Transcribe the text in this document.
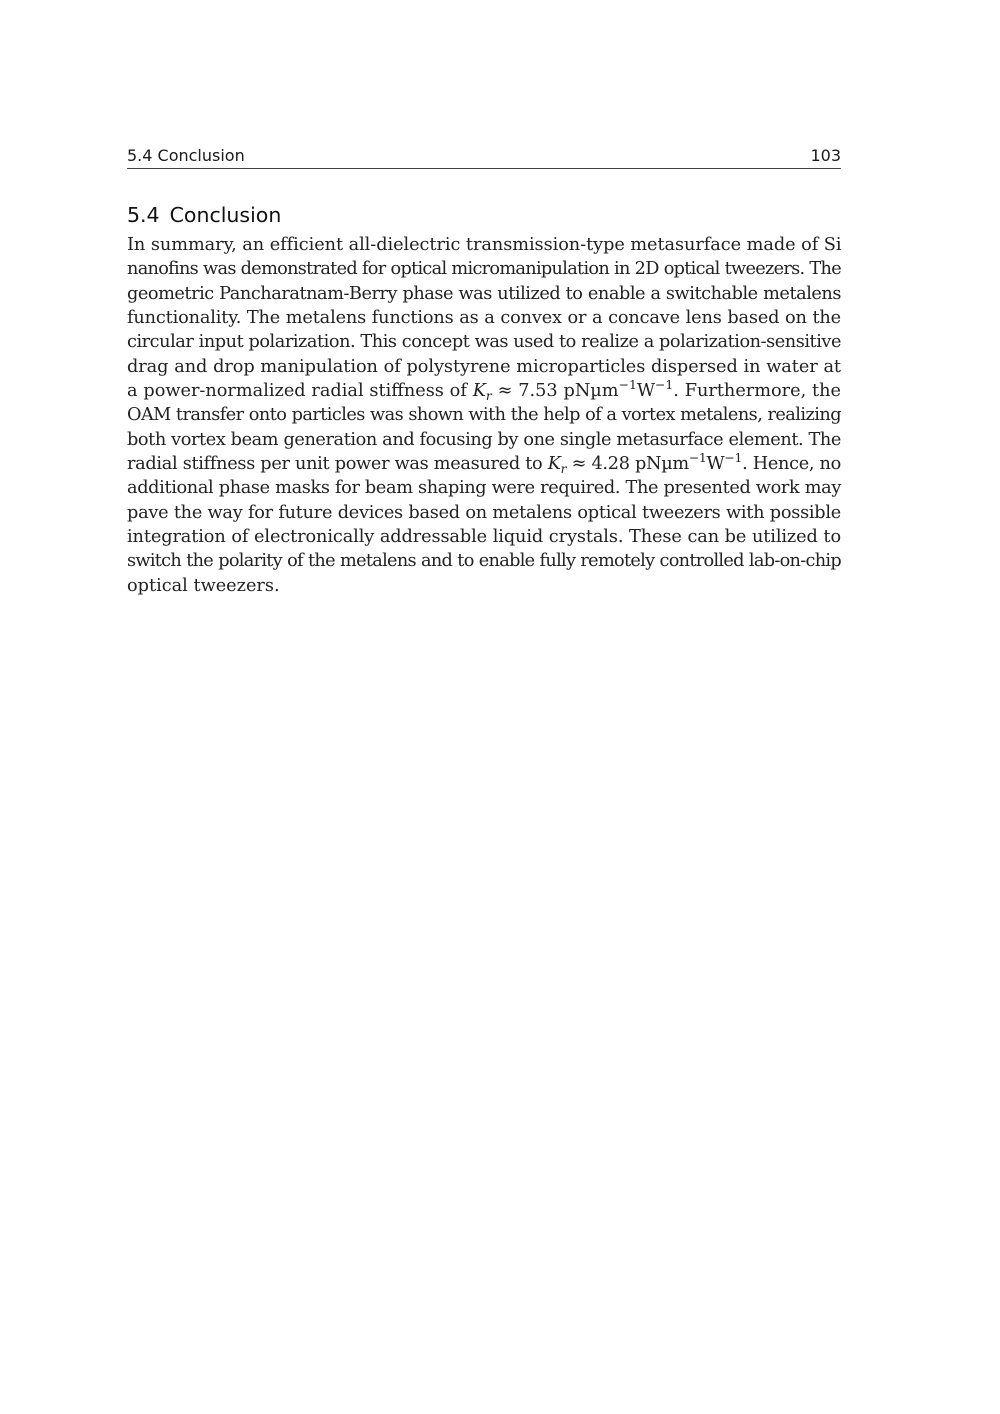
5.4 Conclusion	103
5.4 Conclusion
In summary, an efficient all-dielectric transmission-type metasurface made of Si
nanofins was demonstrated for optical micromanipulation in 2D optical tweezers. The
geometric Pancharatnam-Berry phase was utilized to enable a switchable metalens
functionality. The metalens functions as a convex or a concave lens based on the
circular input polarization. This concept was used to realize a polarization-sensitive
drag and drop manipulation of polystyrene microparticles dispersed in water at
a power-normalized radial stiffness of $K_r \approx 7.53$ $pN\mu m^{-1}W^{-1}$. Furthermore, the
OAM transfer onto particles was shown with the help of a vortex metalens, realizing
both vortex beam generation and focusing by one single metasurface element. The
radial stiffness per unit power was measured to $K_r \approx 4.28$ $pN\mu m^{-1}W^{-1}$. Hence, no
additional phase masks for beam shaping were required. The presented work may
pave the way for future devices based on metalens optical tweezers with possible
integration of electronically addressable liquid crystals. These can be utilized to
switch the polarity of the metalens and to enable fully remotely controlled lab-on-chip
optical tweezers.
